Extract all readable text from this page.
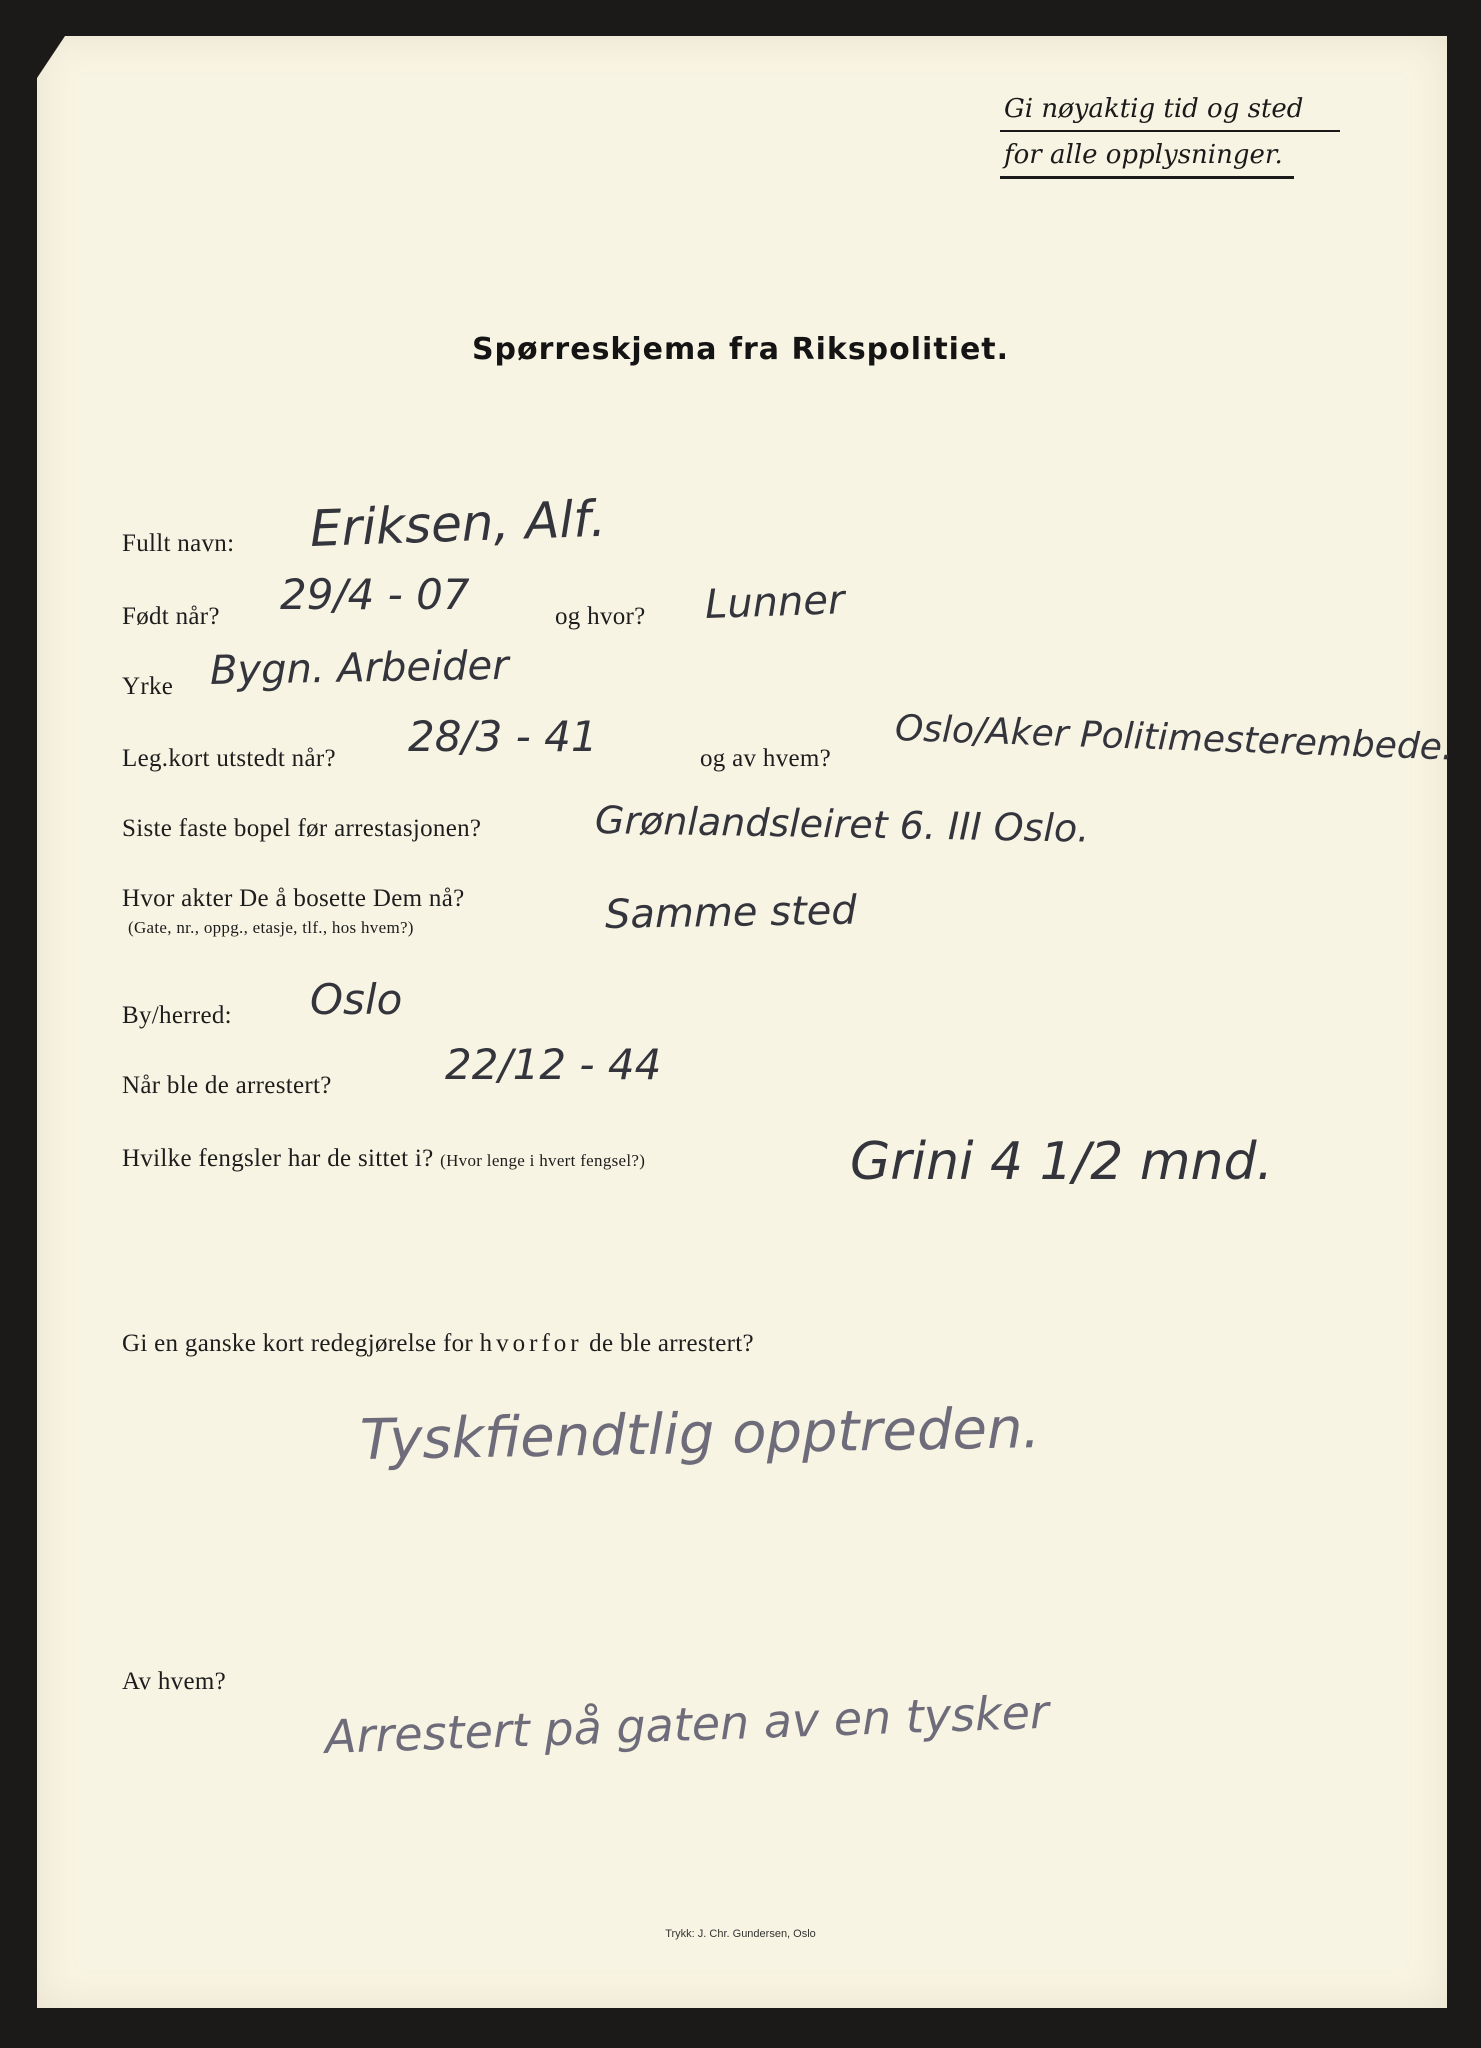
Gi nøyaktig tid og sted
for alle opplysninger.
Spørreskjema fra Rikspolitiet.
Fullt navn: Eriksen, Alf.
Født når? 29/4 - 07	og hvor? Lunner
Yrke Bygn. Arbeider
Leg.kort utstedt når? 28/3 - 41	og av hvem? Oslo/Aker Politimesterembede.
Siste faste bopel før arrestasjonen?	Grønlandsleiret 6. III Oslo.
Hvor akter De å bosette Dem nå?
(Gate, nr., oppg., etasje, tlf., hos hvem?)	Samme sted
By/herred: Oslo
Når ble de arrestert?	22/12 - 44
Hvilke fengsler har de sittet i? (Hvor lenge i hvert fengsel?)	Grini 4 1/2 mnd.
Gi en ganske kort redegjørelse for hvorfor de ble arrestert?
Tyskfiendtlig opptreden.
Av hvem?
Arrestert på gaten av en tysker
Trykk: J. Chr. Gundersen, Oslo
